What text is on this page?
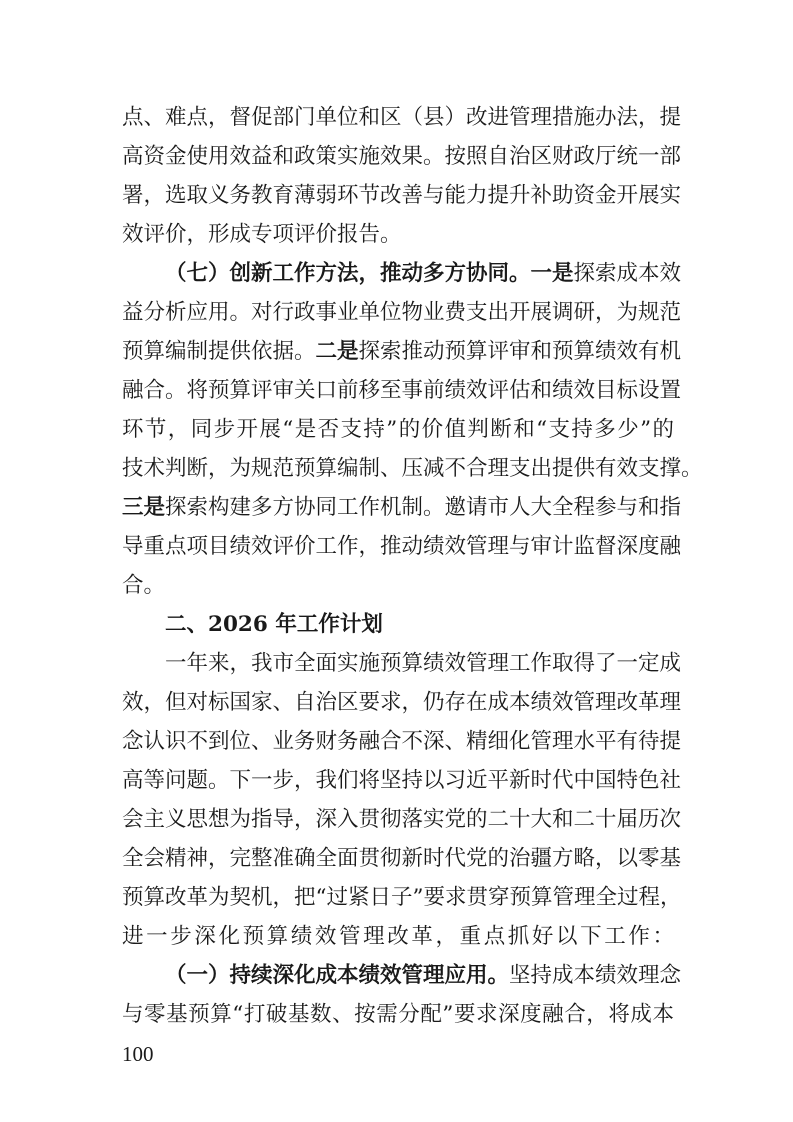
点、难点，督促部门单位和区（县）改进管理措施办法，提
高资金使用效益和政策实施效果。按照自治区财政厅统一部
署，选取义务教育薄弱环节改善与能力提升补助资金开展实
效评价，形成专项评价报告。
（七）创新工作方法，推动多方协同。一是探索成本效
益分析应用。对行政事业单位物业费支出开展调研，为规范
预算编制提供依据。二是探索推动预算评审和预算绩效有机
融合。将预算评审关口前移至事前绩效评估和绩效目标设置
环节，同步开展“是否支持”的价值判断和“支持多少”的
技术判断，为规范预算编制、压减不合理支出提供有效支撑。
三是探索构建多方协同工作机制。邀请市人大全程参与和指
导重点项目绩效评价工作，推动绩效管理与审计监督深度融
合。
二、2026 年工作计划
一年来，我市全面实施预算绩效管理工作取得了一定成
效，但对标国家、自治区要求，仍存在成本绩效管理改革理
念认识不到位、业务财务融合不深、精细化管理水平有待提
高等问题。下一步，我们将坚持以习近平新时代中国特色社
会主义思想为指导，深入贯彻落实党的二十大和二十届历次
全会精神，完整准确全面贯彻新时代党的治疆方略，以零基
预算改革为契机，把“过紧日子”要求贯穿预算管理全过程，
进一步深化预算绩效管理改革，重点抓好以下工作：
（一）持续深化成本绩效管理应用。坚持成本绩效理念
与零基预算“打破基数、按需分配”要求深度融合，将成本
100
